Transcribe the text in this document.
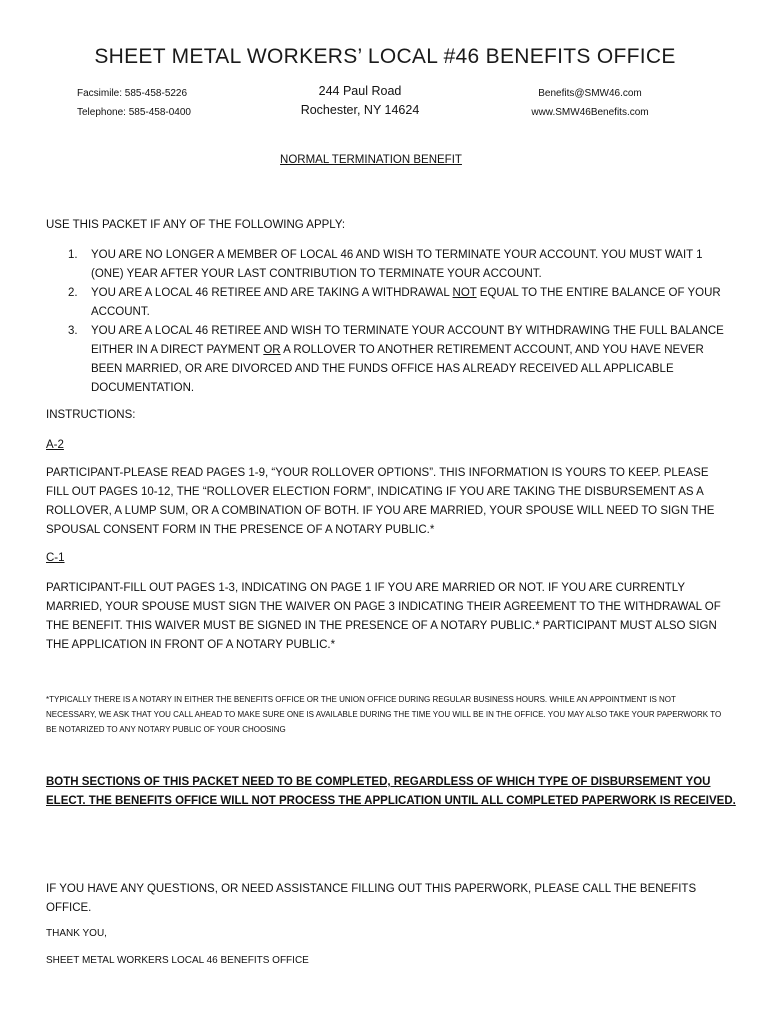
SHEET METAL WORKERS’ LOCAL #46 BENEFITS OFFICE
Facsimile: 585-458-5226
Telephone: 585-458-0400
244 Paul Road
Rochester, NY 14624
Benefits@SMW46.com
www.SMW46Benefits.com
NORMAL TERMINATION BENEFIT
USE THIS PACKET IF ANY OF THE FOLLOWING APPLY:
1. YOU ARE NO LONGER A MEMBER OF LOCAL 46 AND WISH TO TERMINATE YOUR ACCOUNT. YOU MUST WAIT 1 (ONE) YEAR AFTER YOUR LAST CONTRIBUTION TO TERMINATE YOUR ACCOUNT.
2. YOU ARE A LOCAL 46 RETIREE AND ARE TAKING A WITHDRAWAL NOT EQUAL TO THE ENTIRE BALANCE OF YOUR ACCOUNT.
3. YOU ARE A LOCAL 46 RETIREE AND WISH TO TERMINATE YOUR ACCOUNT BY WITHDRAWING THE FULL BALANCE EITHER IN A DIRECT PAYMENT OR A ROLLOVER TO ANOTHER RETIREMENT ACCOUNT, AND YOU HAVE NEVER BEEN MARRIED, OR ARE DIVORCED AND THE FUNDS OFFICE HAS ALREADY RECEIVED ALL APPLICABLE DOCUMENTATION.
INSTRUCTIONS:
A-2
PARTICIPANT-PLEASE READ PAGES 1-9, “YOUR ROLLOVER OPTIONS”. THIS INFORMATION IS YOURS TO KEEP. PLEASE FILL OUT PAGES 10-12, THE “ROLLOVER ELECTION FORM”, INDICATING IF YOU ARE TAKING THE DISBURSEMENT AS A ROLLOVER, A LUMP SUM, OR A COMBINATION OF BOTH. IF YOU ARE MARRIED, YOUR SPOUSE WILL NEED TO SIGN THE SPOUSAL CONSENT FORM IN THE PRESENCE OF A NOTARY PUBLIC.*
C-1
PARTICIPANT-FILL OUT PAGES 1-3, INDICATING ON PAGE 1 IF YOU ARE MARRIED OR NOT. IF YOU ARE CURRENTLY MARRIED, YOUR SPOUSE MUST SIGN THE WAIVER ON PAGE 3 INDICATING THEIR AGREEMENT TO THE WITHDRAWAL OF THE BENEFIT. THIS WAIVER MUST BE SIGNED IN THE PRESENCE OF A NOTARY PUBLIC.* PARTICIPANT MUST ALSO SIGN THE APPLICATION IN FRONT OF A NOTARY PUBLIC.*
*TYPICALLY THERE IS A NOTARY IN EITHER THE BENEFITS OFFICE OR THE UNION OFFICE DURING REGULAR BUSINESS HOURS. WHILE AN APPOINTMENT IS NOT NECESSARY, WE ASK THAT YOU CALL AHEAD TO MAKE SURE ONE IS AVAILABLE DURING THE TIME YOU WILL BE IN THE OFFICE. YOU MAY ALSO TAKE YOUR PAPERWORK TO BE NOTARIZED TO ANY NOTARY PUBLIC OF YOUR CHOOSING
BOTH SECTIONS OF THIS PACKET NEED TO BE COMPLETED, REGARDLESS OF WHICH TYPE OF DISBURSEMENT YOU ELECT. THE BENEFITS OFFICE WILL NOT PROCESS THE APPLICATION UNTIL ALL COMPLETED PAPERWORK IS RECEIVED.
IF YOU HAVE ANY QUESTIONS, OR NEED ASSISTANCE FILLING OUT THIS PAPERWORK, PLEASE CALL THE BENEFITS OFFICE.
THANK YOU,
SHEET METAL WORKERS LOCAL 46 BENEFITS OFFICE
